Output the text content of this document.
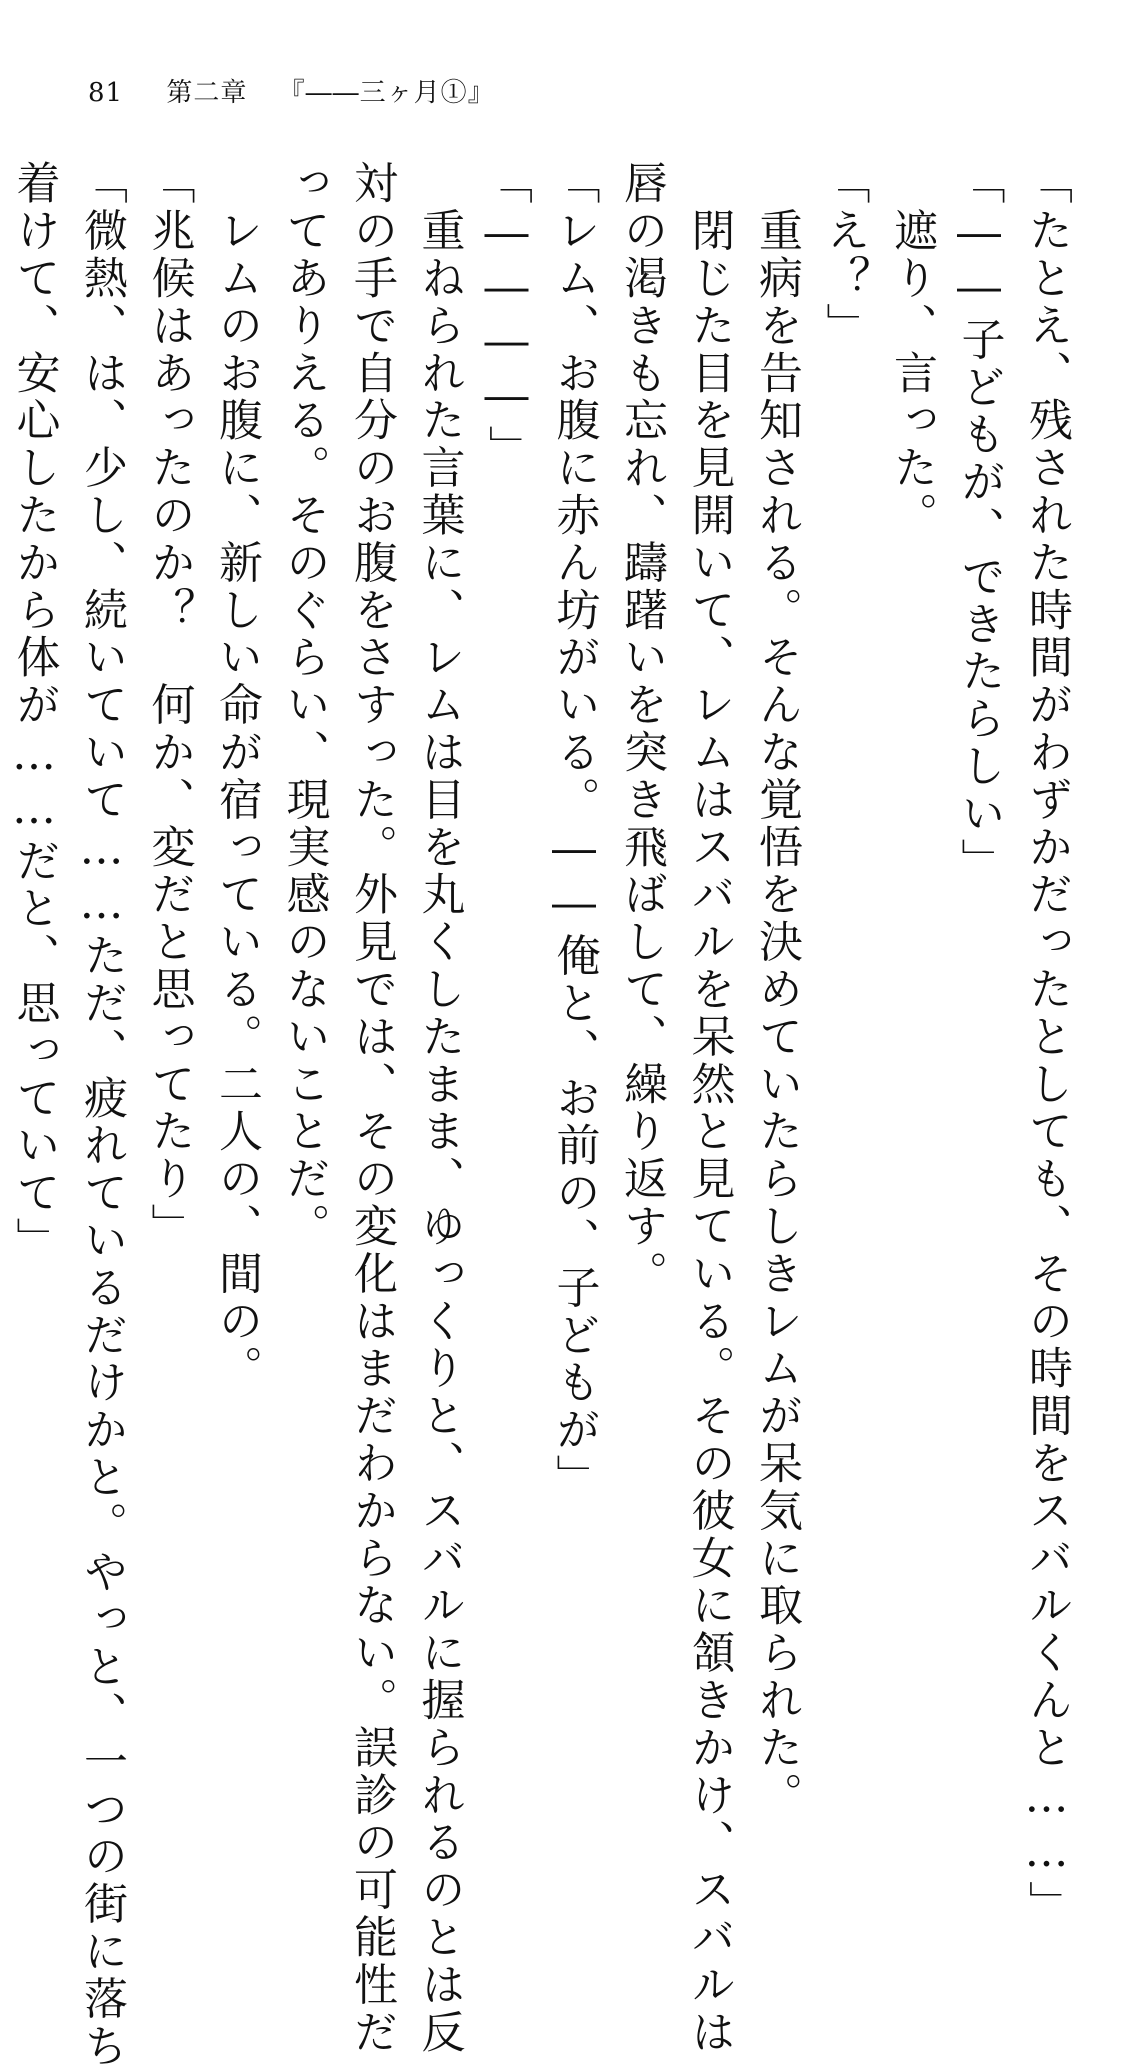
81 第二章 『――三ヶ月①』
「たとえ、残された時間がわずかだったとしても、その時間をスバルくんと……」
「――子どもが、できたらしい」
　遮り、言った。
「え？」
　重病を告知される。そんな覚悟を決めていたらしきレムが呆気に取られた。
　閉じた目を見開いて、レムはスバルを呆然と見ている。その彼女に頷きかけ、スバルは
唇の渇きも忘れ、躊躇いを突き飛ばして、繰り返す。
「レム、お腹に赤ん坊がいる。――俺と、お前の、子どもが」
「――――」
　重ねられた言葉に、レムは目を丸くしたまま、ゆっくりと、スバルに握られるのとは反
対の手で自分のお腹をさすった。外見では、その変化はまだわからない。誤診の可能性だ
ってありえる。そのぐらい、現実感のないことだ。
　レムのお腹に、新しい命が宿っている。二人の、間の。
「兆候はあったのか？　何か、変だと思ってたり」
「微熱、は、少し、続いていて……ただ、疲れているだけかと。やっと、一つの街に落ち
着けて、安心したから体が……だと、思っていて」
